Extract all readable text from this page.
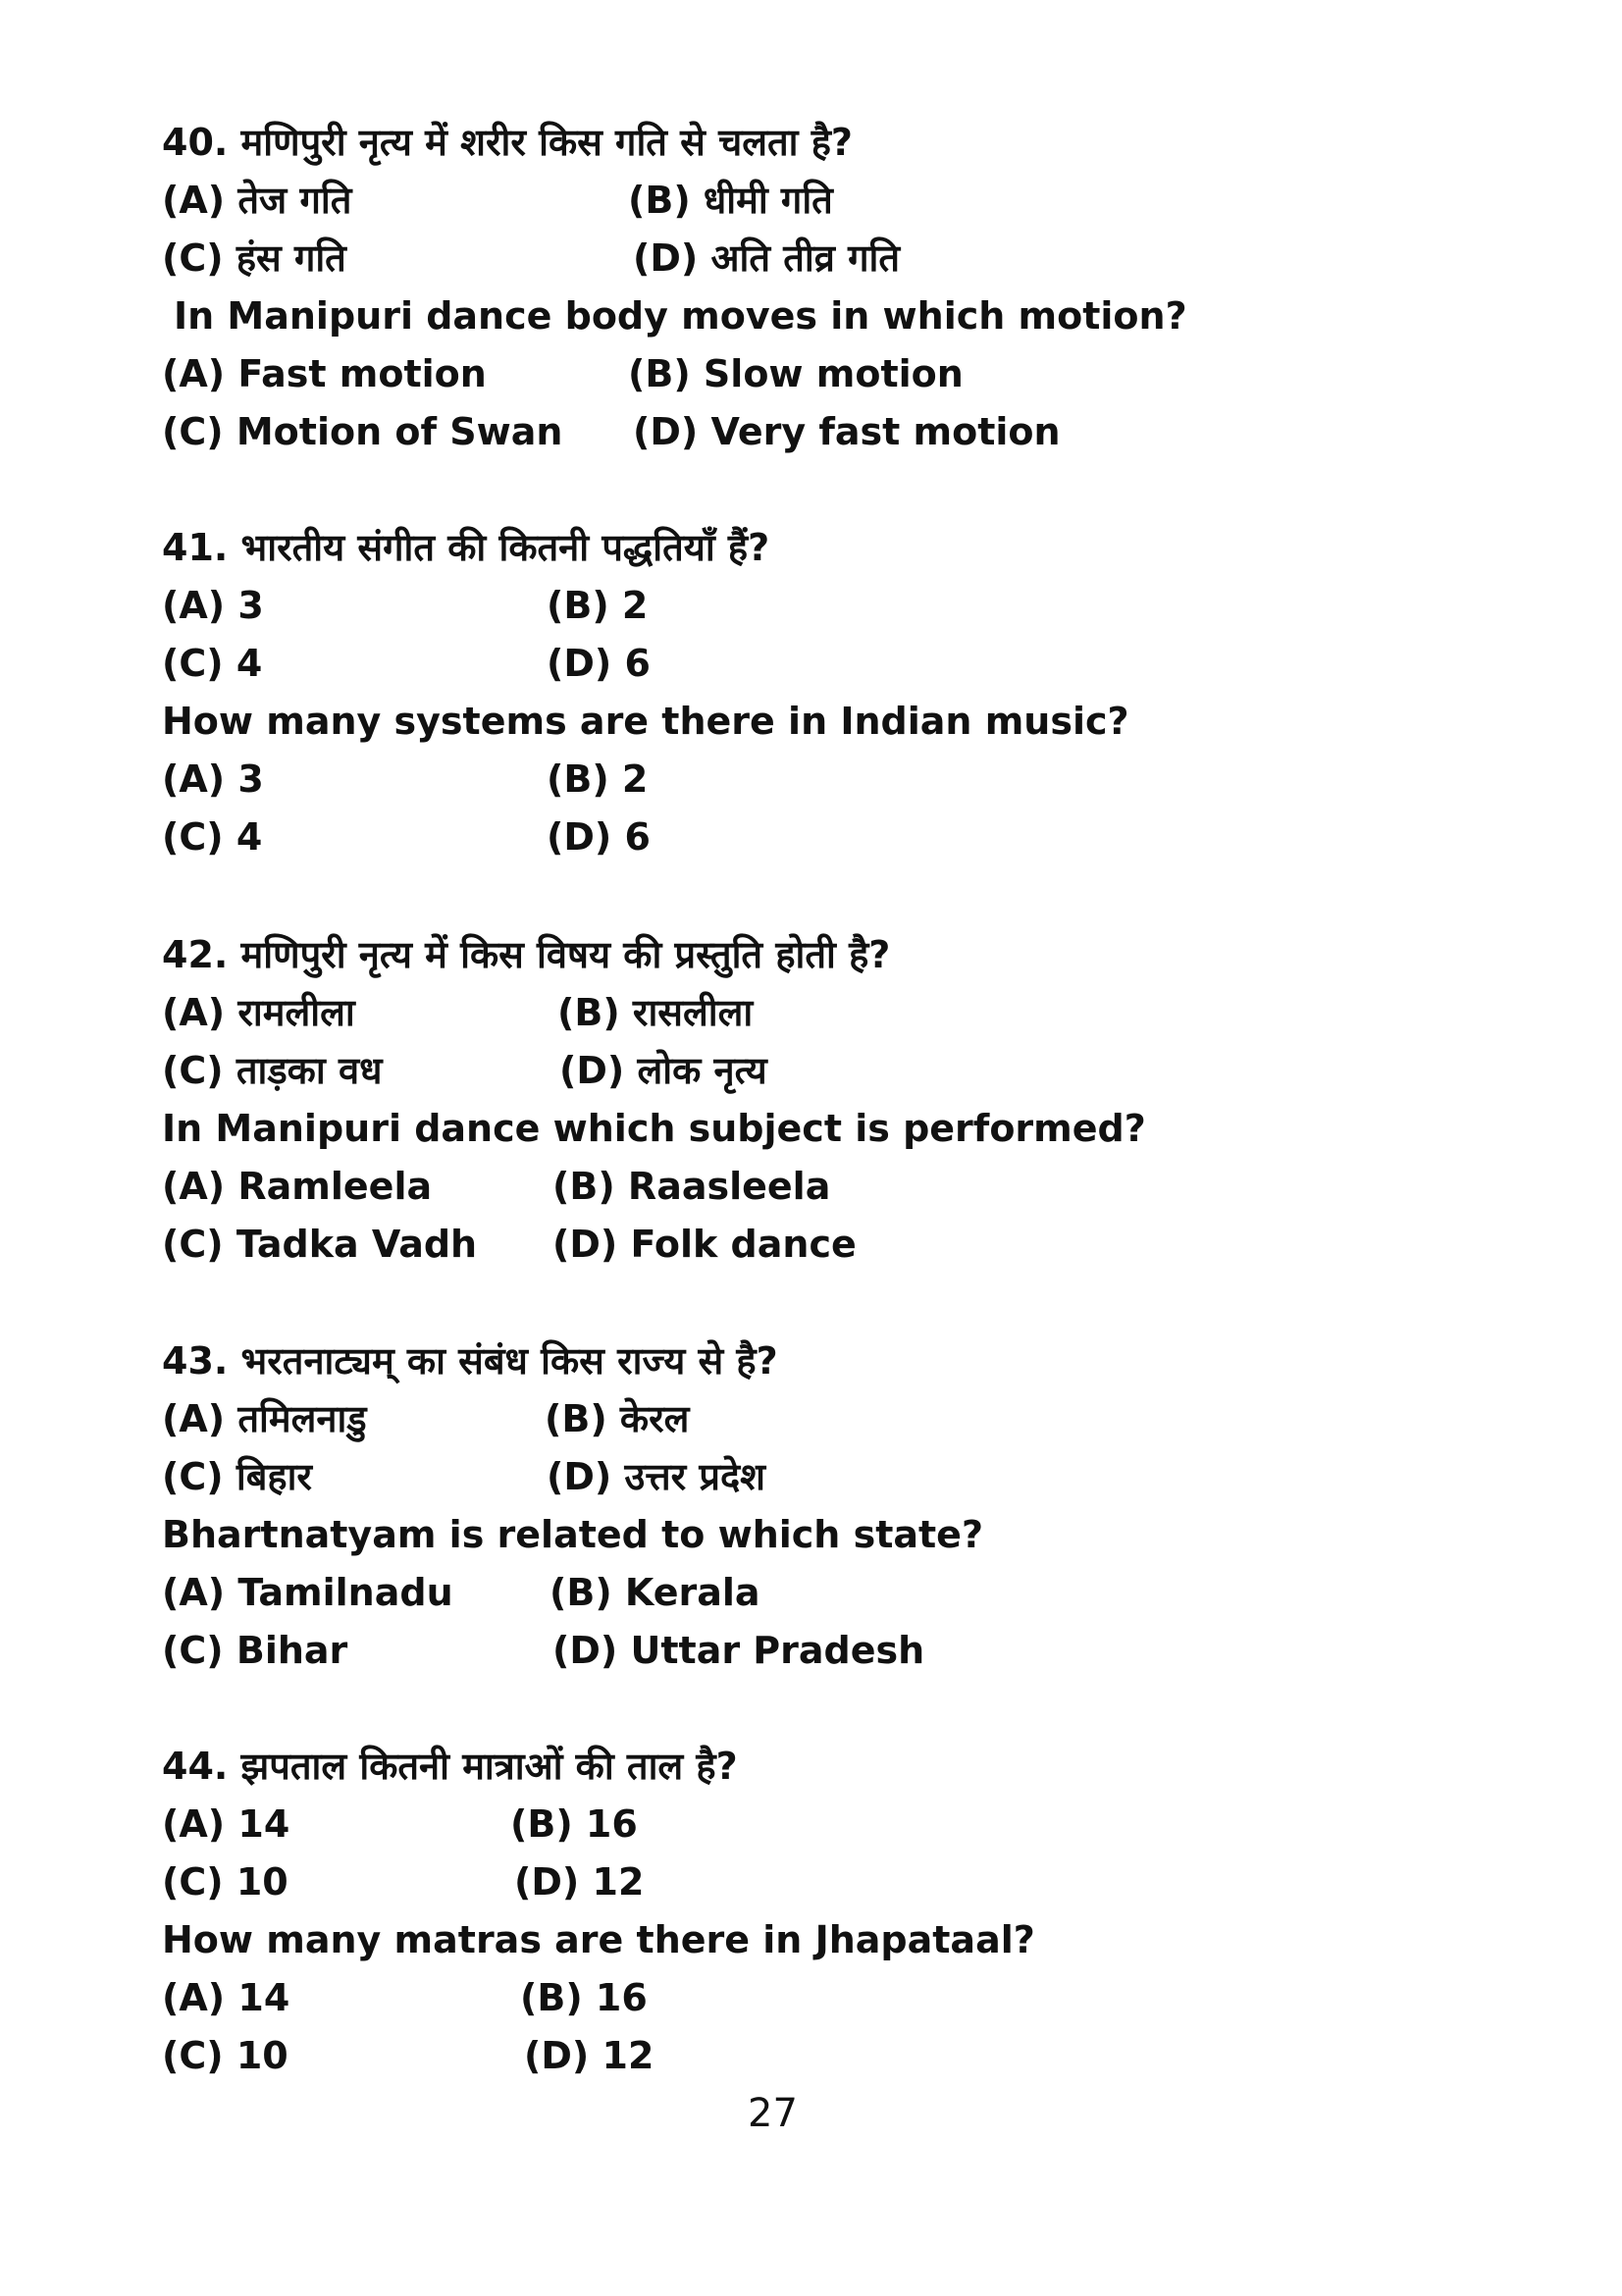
40. मणिपुरी नृत्य में शरीर किस गति से चलता है?
(A) तेज गति	(B) धीमी गति
(C) हंस गति	(D) अति तीव्र गति
(A) Fast motion	(B) Slow motion
(C) Motion of Swan (D) Very fast motion
In Manipuri dance body moves in which motion?
41. भारतीय संगीत की कितनी पद्धतियाँ हैं?
(A) 3	(B) 2
(C) 4	(D) 6
(A) 3	(B) 2
(C) 4	(D) 6
How many systems are there in Indian music?
42. मणिपुरी नृत्य में किस विषय की प्रस्तुति होती है?
(A) रामलीला	(B) रासलीला
(C) ताड़का वध	(D) लोक नृत्य
(A) Ramleela	(B) Raasleela
(C) Tadka Vadh (D) Folk dance
In Manipuri dance which subject is performed?
43. भरतनाट्यम् का संबंध किस राज्य से है?
(A) तमिलनाडु	(B) केरल
(C) बिहार	(D) उत्तर प्रदेश
(A) Tamilnadu	(B) Kerala
(C) Bihar	(D) Uttar Pradesh
Bhartnatyam is related to which state?
44. झपताल कितनी मात्राओं की ताल है?
(A) 14	(B) 16
(C) 10	(D) 12
(A) 14	(B) 16
(C) 10	(D) 12
How many matras are there in Jhapataal?
27
